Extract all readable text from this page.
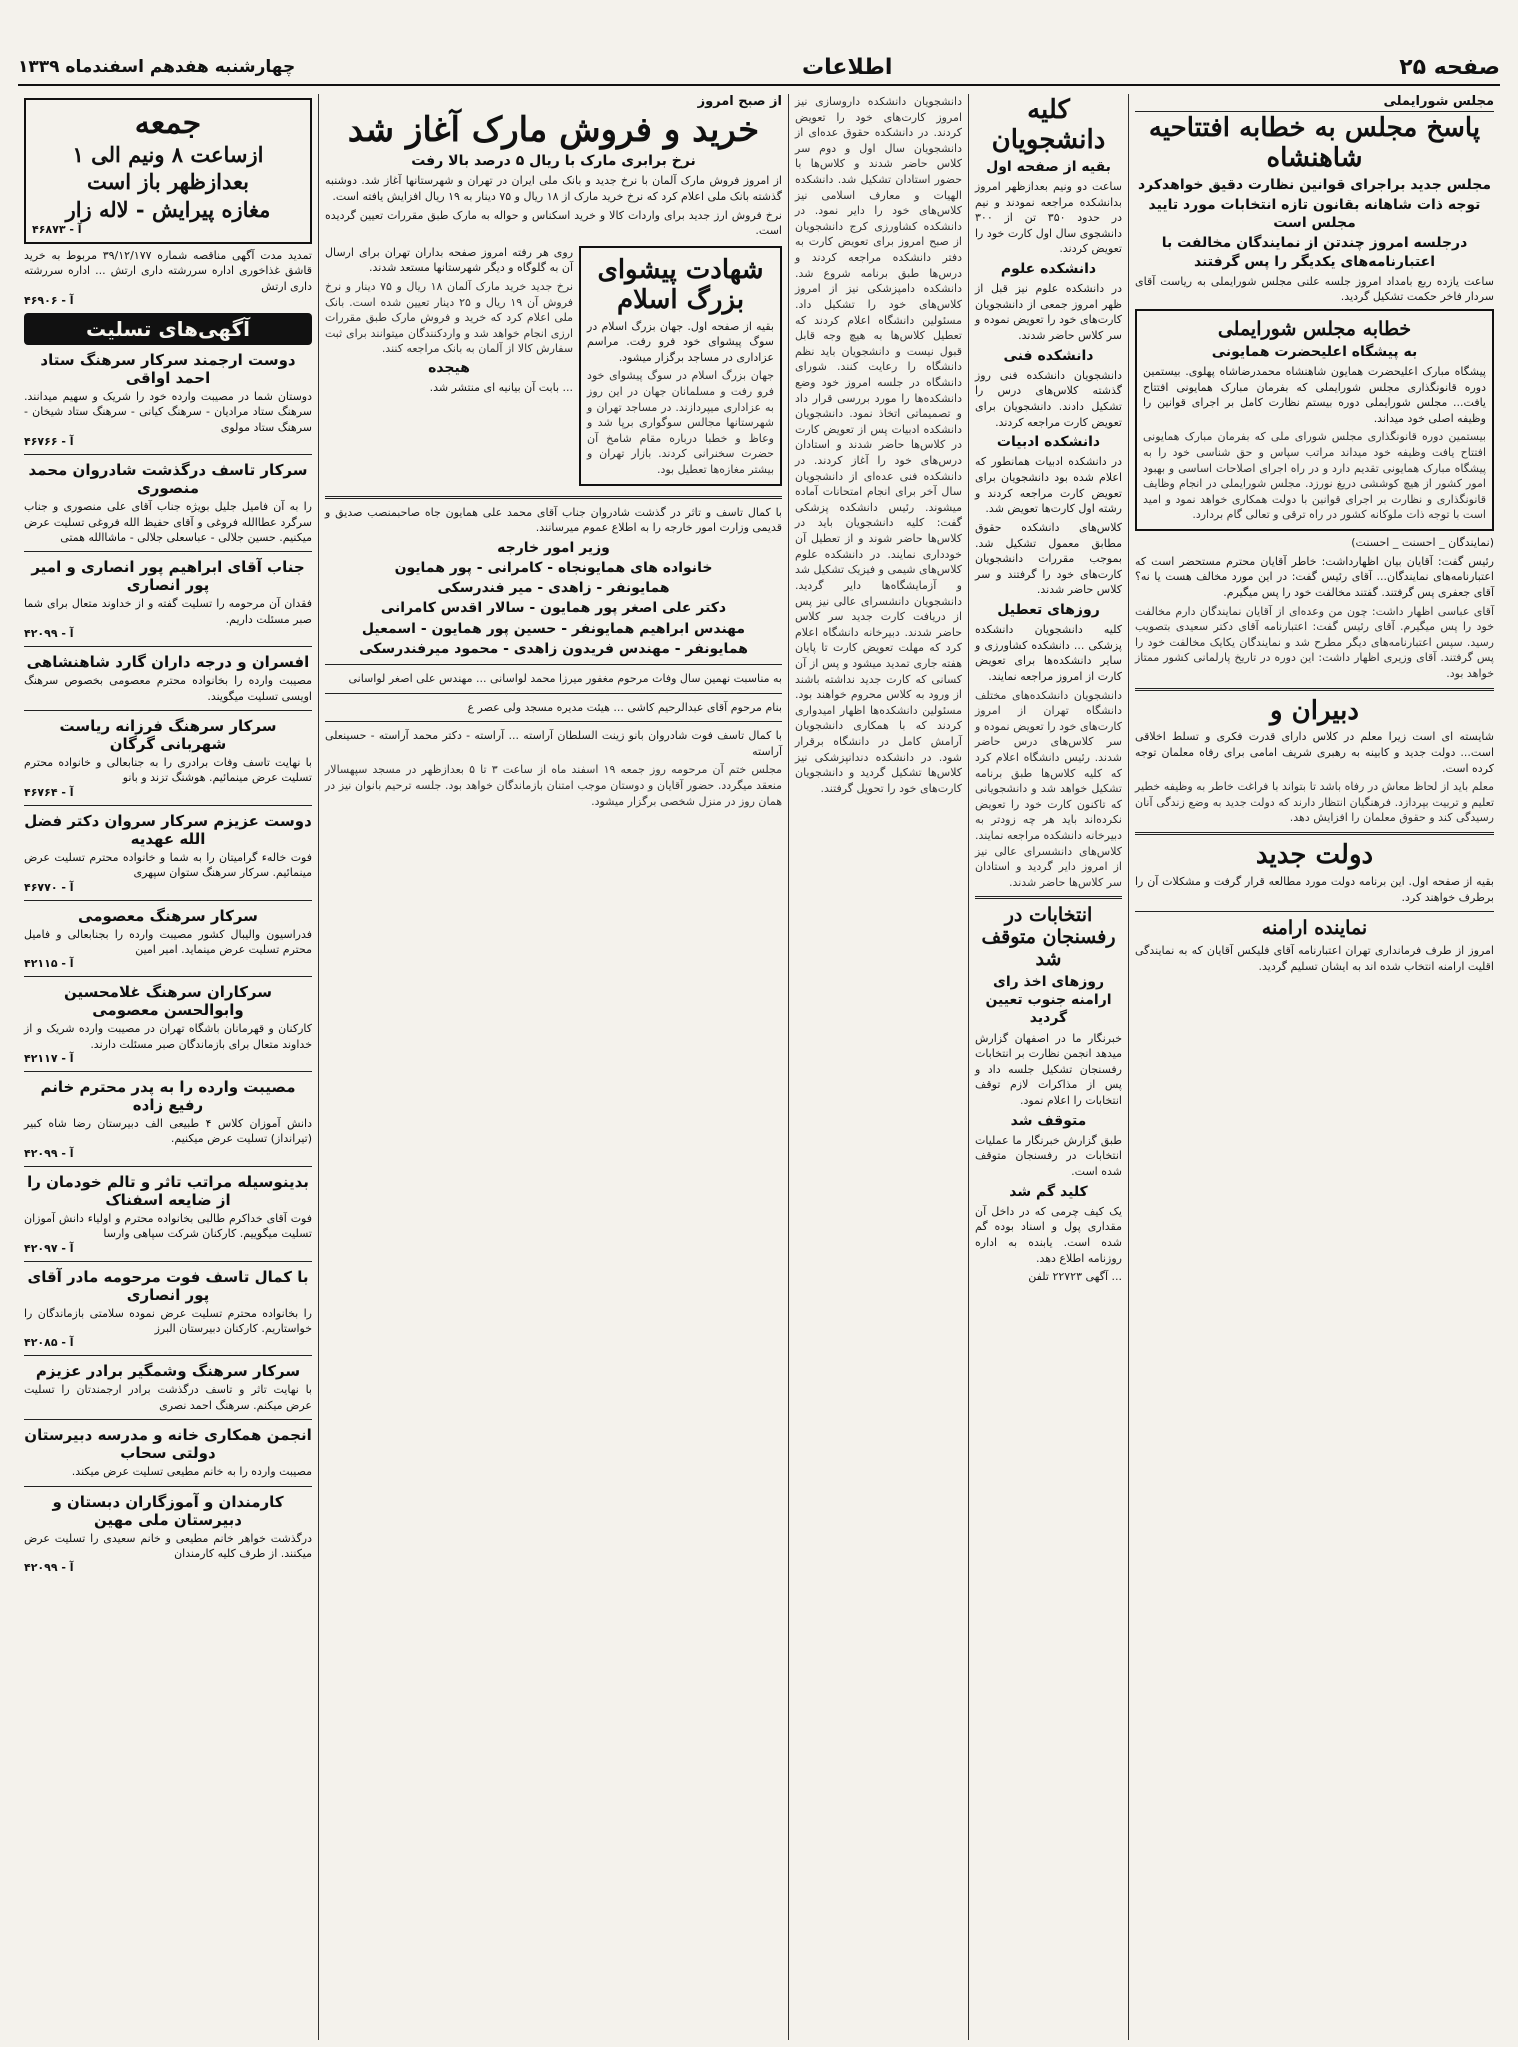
صفحه ۲۵
اطلاعات
چهارشنبه هفدهم اسفندماه ۱۳۳۹
مجلس شورایملی
پاسخ مجلس به خطابه افتتاحیه شاهنشاه
مجلس جدید براجرای قوانین نظارت دقیق خواهدکرد
توجه ذات شاهانه بقانون تازه انتخابات مورد تایید مجلس است
درجلسه امروز چندتن از نمایندگان مخالفت با اعتبارنامه‌های یکدیگر را پس گرفتند
ساعت یازده ربع بامداد امروز جلسه علنی مجلس شورایملی به ریاست آقای سردار فاخر حکمت تشکیل گردید.
خطابه مجلس شورایملی
به پیشگاه اعلیحضرت همایونی
پیشگاه مبارک اعلیحضرت همایون شاهنشاه محمدرضاشاه پهلوی. بیستمین دوره قانونگذاری مجلس شورایملی که بفرمان مبارک همایونی افتتاح یافت... مجلس شورایملی دوره بیستم نظارت کامل بر اجرای قوانین را وظیفه اصلی خود میداند.
بیستمین دوره قانونگذاری مجلس شورای ملی که بفرمان مبارک همایونی افتتاح یافت وظیفه خود میداند مراتب سپاس و حق شناسی خود را به پیشگاه مبارک همایونی تقدیم دارد و در راه اجرای اصلاحات اساسی و بهبود امور کشور از هیچ کوششی دریغ نورزد. مجلس شورایملی در انجام وظایف قانونگذاری و نظارت بر اجرای قوانین با دولت همکاری خواهد نمود و امید است با توجه ذات ملوکانه کشور در راه ترقی و تعالی گام بردارد.
(نمایندگان _ احسنت _ احسنت)
رئیس گفت: آقایان بیان اظهارداشت: خاطر آقایان محترم مستحضر است که اعتبارنامه‌های نمایندگان... آقای رئیس گفت: در این مورد مخالف هست یا نه؟ آقای جعفری پس گرفتند. گفتند مخالفت خود را پس میگیرم.
آقای عباسی اظهار داشت: چون من وعده‌ای از آقایان نمایندگان دارم مخالفت خود را پس میگیرم. آقای رئیس گفت: اعتبارنامه آقای دکتر سعیدی بتصویب رسید. سپس اعتبارنامه‌های دیگر مطرح شد و نمایندگان یکایک مخالفت خود را پس گرفتند. آقای وزیری اظهار داشت: این دوره در تاریخ پارلمانی کشور ممتاز خواهد بود.
دبیران و
شایسته ای است زیرا معلم در کلاس دارای قدرت فکری و تسلط اخلاقی است... دولت جدید و کابینه به رهبری شریف امامی برای رفاه معلمان توجه کرده است.
معلم باید از لحاظ معاش در رفاه باشد تا بتواند با فراغت خاطر به وظیفه خطیر تعلیم و تربیت بپردازد. فرهنگیان انتظار دارند که دولت جدید به وضع زندگی آنان رسیدگی کند و حقوق معلمان را افزایش دهد.
دولت جدید
بقیه از صفحه اول. این برنامه دولت مورد مطالعه قرار گرفت و مشکلات آن را برطرف خواهند کرد.
نماینده ارامنه
امروز از طرف فرمانداری تهران اعتبارنامه آقای فلیکس آقایان که به نمایندگی اقلیت ارامنه انتخاب شده اند به ایشان تسلیم گردید.
کلیه دانشجویان
بقیه از صفحه اول
ساعت دو ونیم بعدازظهر امروز بدانشکده مراجعه نمودند و نیم در حدود ۳۵۰ تن از ۳۰۰ دانشجوی سال اول کارت خود را تعویض کردند.
دانشکده علوم
در دانشکده علوم نیز قبل از ظهر امروز جمعی از دانشجویان کارت‌های خود را تعویض نموده و سر کلاس حاضر شدند.
دانشکده فنی
دانشجویان دانشکده فنی روز گذشته کلاس‌های درس را تشکیل دادند. دانشجویان برای تعویض کارت مراجعه کردند.
دانشکده ادبیات
در دانشکده ادبیات همانطور که اعلام شده بود دانشجویان برای تعویض کارت مراجعه کردند و رشته اول کارت‌ها تعویض شد.
کلاس‌های دانشکده حقوق مطابق معمول تشکیل شد. بموجب مقررات دانشجویان کارت‌های خود را گرفتند و سر کلاس حاضر شدند.
روزهای تعطیل
کلیه دانشجویان دانشکده پزشکی ... دانشکده کشاورزی و سایر دانشکده‌ها برای تعویض کارت از امروز مراجعه نمایند.
دانشجویان دانشکده‌های مختلف دانشگاه تهران از امروز کارت‌های خود را تعویض نموده و سر کلاس‌های درس حاضر شدند. رئیس دانشگاه اعلام کرد که کلیه کلاس‌ها طبق برنامه تشکیل خواهد شد و دانشجویانی که تاکنون کارت خود را تعویض نکرده‌اند باید هر چه زودتر به دبیرخانه دانشکده مراجعه نمایند. کلاس‌های دانشسرای عالی نیز از امروز دایر گردید و استادان سر کلاس‌ها حاضر شدند.
انتخابات در رفسنجان متوقف شد
روزهای اخذ رای ارامنه جنوب تعیین گردید
خبرنگار ما در اصفهان گزارش میدهد انجمن نظارت بر انتخابات رفسنجان تشکیل جلسه داد و پس از مذاکرات لازم توقف انتخابات را اعلام نمود.
متوقف شد
طبق گزارش خبرنگار ما عملیات انتخابات در رفسنجان متوقف شده است.
کلید گم شد
یک کیف چرمی که در داخل آن مقداری پول و اسناد بوده گم شده است. یابنده به اداره روزنامه اطلاع دهد.
... آگهی ۲۲۷۲۳ تلفن
دانشجویان دانشکده داروسازی نیز امروز کارت‌های خود را تعویض کردند. در دانشکده حقوق عده‌ای از دانشجویان سال اول و دوم سر کلاس حاضر شدند و کلاس‌ها با حضور استادان تشکیل شد. دانشکده الهیات و معارف اسلامی نیز کلاس‌های خود را دایر نمود. در دانشکده کشاورزی کرج دانشجویان از صبح امروز برای تعویض کارت به دفتر دانشکده مراجعه کردند و درس‌ها طبق برنامه شروع شد. دانشکده دامپزشکی نیز از امروز کلاس‌های خود را تشکیل داد. مسئولین دانشگاه اعلام کردند که تعطیل کلاس‌ها به هیچ وجه قابل قبول نیست و دانشجویان باید نظم دانشگاه را رعایت کنند. شورای دانشگاه در جلسه امروز خود وضع دانشکده‌ها را مورد بررسی قرار داد و تصمیماتی اتخاذ نمود. دانشجویان دانشکده ادبیات پس از تعویض کارت در کلاس‌ها حاضر شدند و استادان درس‌های خود را آغاز کردند. در دانشکده فنی عده‌ای از دانشجویان سال آخر برای انجام امتحانات آماده میشوند. رئیس دانشکده پزشکی گفت: کلیه دانشجویان باید در کلاس‌ها حاضر شوند و از تعطیل آن خودداری نمایند. در دانشکده علوم کلاس‌های شیمی و فیزیک تشکیل شد و آزمایشگاه‌ها دایر گردید. دانشجویان دانشسرای عالی نیز پس از دریافت کارت جدید سر کلاس حاضر شدند. دبیرخانه دانشگاه اعلام کرد که مهلت تعویض کارت تا پایان هفته جاری تمدید میشود و پس از آن کسانی که کارت جدید نداشته باشند از ورود به کلاس محروم خواهند بود. مسئولین دانشکده‌ها اظهار امیدواری کردند که با همکاری دانشجویان آرامش کامل در دانشگاه برقرار شود. در دانشکده دندانپزشکی نیز کلاس‌ها تشکیل گردید و دانشجویان کارت‌های خود را تحویل گرفتند.
از صبح امروز
خرید و فروش مارک آغاز شد
نرخ برابری مارک با ریال ۵ درصد بالا رفت
از امروز فروش مارک آلمان با نرخ جدید و بانک ملی ایران در تهران و شهرستانها آغاز شد. دوشنبه گذشته بانک ملی اعلام کرد که نرخ خرید مارک از ۱۸ ریال و ۷۵ دینار به ۱۹ ریال افزایش یافته است.
نرخ فروش ارز جدید برای واردات کالا و خرید اسکناس و حواله به مارک طبق مقررات تعیین گردیده است.
شهادت پیشوای بزرگ اسلام
بقیه از صفحه اول. جهان بزرگ اسلام در سوگ پیشوای خود فرو رفت. مراسم عزاداری در مساجد برگزار میشود.
جهان بزرگ اسلام در سوگ پیشوای خود فرو رفت و مسلمانان جهان در این روز به عزاداری میپردازند. در مساجد تهران و شهرستانها مجالس سوگواری برپا شد و وعاظ و خطبا درباره مقام شامخ آن حضرت سخنرانی کردند. بازار تهران و بیشتر مغازه‌ها تعطیل بود.
روی هر رفته امروز صفحه بداران تهران برای ارسال آن به گلوگاه و دیگر شهرستانها مستعد شدند.
نرخ جدید خرید مارک آلمان ۱۸ ریال و ۷۵ دینار و نرخ فروش آن ۱۹ ریال و ۲۵ دینار تعیین شده است. بانک ملی اعلام کرد که خرید و فروش مارک طبق مقررات ارزی انجام خواهد شد و واردکنندگان میتوانند برای ثبت سفارش کالا از آلمان به بانک مراجعه کنند.
هیجده
... بابت آن بیانیه ای منتشر شد.
با کمال تاسف و تاثر در گذشت شادروان جناب آقای محمد علی همایون جاه صاحبمنصب صدیق و قدیمی وزارت امور خارجه را به اطلاع عموم میرسانند.
وزیر امور خارجه
خانواده های همایونجاه - کامرانی - پور همایون
همایونفر - زاهدی - میر فندرسکی
دکتر علی اصغر پور همایون - سالار اقدس کامرانی
مهندس ابراهیم همایونفر - حسین پور همایون - اسمعیل
همایونفر - مهندس فریدون زاهدی - محمود میرفندرسکی
به مناسبت نهمین سال وفات مرحوم مغفور میرزا محمد لواسانی ... مهندس علی اصغر لواسانی
بنام مرحوم آقای عبدالرحیم کاشی ... هیئت مدیره مسجد ولی عصر ع
با کمال تاسف فوت شادروان بانو زینت السلطان آراسته ... آراسته - دکتر محمد آراسته - حسینعلی آراسته
مجلس ختم آن مرحومه روز جمعه ۱۹ اسفند ماه از ساعت ۳ تا ۵ بعدازظهر در مسجد سپهسالار منعقد میگردد. حضور آقایان و دوستان موجب امتنان بازماندگان خواهد بود. جلسه ترحیم بانوان نیز در همان روز در منزل شخصی برگزار میشود.
جمعه
ازساعت ۸ ونیم الی ۱ بعدازظهر باز است
مغازه پیرایش - لاله زار
آ - ۴۶۸۷۳
تمدید مدت آگهی مناقصه شماره ۳۹/۱۲/۱۷۷ مربوط به خرید قاشق غذاخوری اداره سررشته داری ارتش ... اداره سررشته داری ارتش
آ - ۴۶۹۰۶
آگهی‌های تسلیت
دوست ارجمند سرکار سرهنگ ستاد احمد اواقی
دوستان شما در مصیبت وارده خود را شریک و سهیم میدانند. سرهنگ ستاد مرادیان - سرهنگ کیانی - سرهنگ ستاد شیخان - سرهنگ ستاد مولوی
آ - ۴۶۷۶۶
سرکار تاسف درگذشت شادروان محمد منصوری
را به آن فامیل جلیل بویژه جناب آقای علی منصوری و جناب سرگرد عطاالله فروغی و آقای حفیظ الله فروغی تسلیت عرض میکنیم. حسین جلالی - عباسعلی جلالی - ماشاالله همتی
جناب آقای ابراهیم پور انصاری و امیر پور انصاری
فقدان آن مرحومه را تسلیت گفته و از خداوند متعال برای شما صبر مسئلت داریم.
آ - ۴۲۰۹۹
افسران و درجه داران گارد شاهنشاهی
مصیبت وارده را بخانواده محترم معصومی بخصوص سرهنگ اویسی تسلیت میگویند.
سرکار سرهنگ فرزانه ریاست شهربانی گرگان
با نهایت تاسف وفات برادری را به جنابعالی و خانواده محترم تسلیت عرض مینمائیم. هوشنگ تزند و بانو
آ - ۴۶۷۶۴
دوست عزیزم سرکار سروان دکتر فضل الله عهدیه
فوت خالهء گرامیتان را به شما و خانواده محترم تسلیت عرض مینمائیم. سرکار سرهنگ ستوان سپهری
آ - ۴۶۷۷۰
سرکار سرهنگ معصومی
فدراسیون والیبال کشور مصیبت وارده را بجنابعالی و فامیل محترم تسلیت عرض مینماید. امیر امین
آ - ۴۲۱۱۵
سرکاران سرهنگ غلامحسین وابوالحسن معصومی
کارکنان و قهرمانان باشگاه تهران در مصیبت وارده شریک و از خداوند متعال برای بازماندگان صبر مسئلت دارند.
آ - ۴۲۱۱۷
مصیبت وارده را به پدر محترم خانم رفیع زاده
دانش آموزان کلاس ۴ طبیعی الف دبیرستان رضا شاه کبیر (تیرانداز) تسلیت عرض میکنیم.
آ - ۴۲۰۹۹
بدینوسیله مراتب تاثر و تالم خودمان را از ضایعه اسفناک
فوت آقای خداکرم طالبی بخانواده محترم و اولیاء دانش آموزان تسلیت میگوییم. کارکنان شرکت سپاهی وارسا
آ - ۴۲۰۹۷
با کمال تاسف فوت مرحومه مادر آقای پور انصاری
را بخانواده محترم تسلیت عرض نموده سلامتی بازماندگان را خواستاریم. کارکنان دبیرستان البرز
آ - ۴۲۰۸۵
سرکار سرهنگ وشمگیر برادر عزیزم
با نهایت تاثر و تاسف درگذشت برادر ارجمندتان را تسلیت عرض میکنم. سرهنگ احمد نصری
انجمن همکاری خانه و مدرسه دبیرستان دولتی سحاب
مصیبت وارده را به خانم مطیعی تسلیت عرض میکند.
کارمندان و آموزگاران دبستان و دبیرستان ملی مهین
درگذشت خواهر خانم مطیعی و خانم سعیدی را تسلیت عرض میکنند. از طرف کلیه کارمندان
آ - ۴۲۰۹۹
